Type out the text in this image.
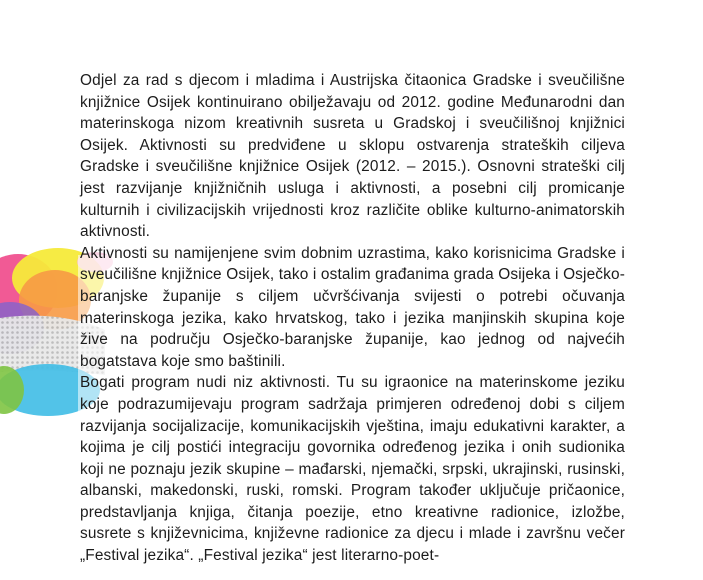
Odjel za rad s djecom i mladima i Austrijska čitaonica Gradske i sveučilišne knjižnice Osijek kontinuirano obilježavaju od 2012. godine Međunarodni dan materinskoga nizom kreativnih susreta u Gradskoj i sveučilišnoj knjižnici Osijek. Aktivnosti su predviđene u sklopu ostvarenja strateških ciljeva Gradske i sveučilišne knjižnice Osijek (2012. – 2015.). Osnovni strateški cilj jest razvijanje knjižničnih usluga i aktivnosti, a posebni cilj promicanje kulturnih i civilizacijskih vrijednosti kroz različite oblike kulturno-animatorskih aktivnosti.

Aktivnosti su namijenjene svim dobnim uzrastima, kako korisnicima Gradske i sveučilišne knjižnice Osijek, tako i ostalim građanima grada Osijeka i Osječko-baranjske županije s ciljem učvršćivanja svijesti o potrebi očuvanja materinskoga jezika, kako hrvatskog, tako i jezika manjinskih skupina koje žive na području Osječko-baranjske županije, kao jednog od najvećih bogatstava koje smo baštinili.

Bogati program nudi niz aktivnosti. Tu su igraonice na materinskome jeziku koje podrazumijevaju program sadržaja primjeren određenoj dobi s ciljem razvijanja socijalizacije, komunikacijskih vještina, imaju edukativni karakter, a kojima je cilj postići integraciju govornika određenog jezika i onih sudionika koji ne poznaju jezik skupine – mađarski, njemački, srpski, ukrajinski, rusinski, albanski, makedonski, ruski, romski. Program također uključuje pričaonice, predstavljanja knjiga, čitanja poezije, etno kreativne radionice, izložbe, susrete s književnicima, književne radionice za djecu i mlade i završnu večer „Festival jezika“. „Festival jezika“ jest literarno-poet-
